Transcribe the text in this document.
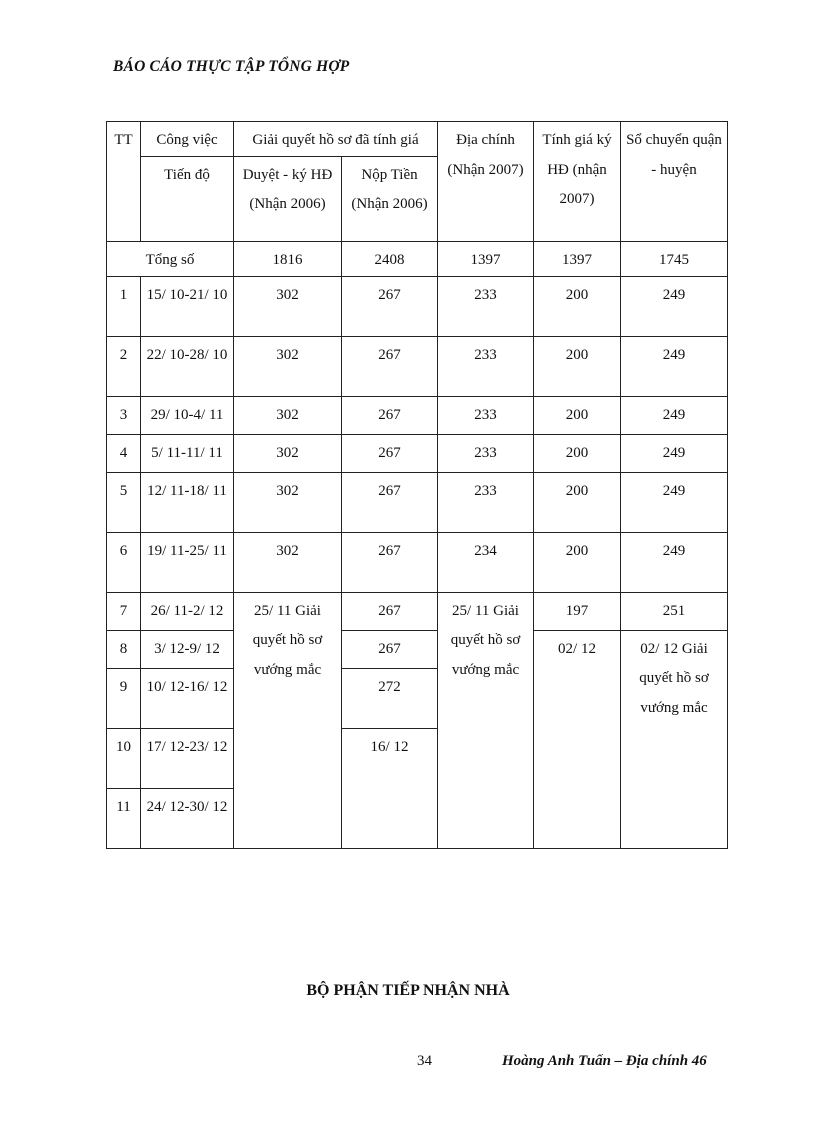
BÁO CÁO THỰC TẬP TỔNG HỢP
TT	Công việc	Giải quyết hồ sơ đã tính giá		Địa chính (Nhận 2007)	Tính giá ký HĐ (nhận 2007)	Sổ chuyển quận - huyện
	Tiến độ	Duyệt - ký HĐ (Nhận 2006)	Nộp Tiền (Nhận 2006)			
Tổng số		1816	2408	1397	1397	1745
1	15/ 10-21/ 10	302	267	233	200	249
2	22/ 10-28/ 10	302	267	233	200	249
3	29/ 10-4/ 11	302	267	233	200	249
4	5/ 11-11/ 11	302	267	233	200	249
5	12/ 11-18/ 11	302	267	233	200	249
6	19/ 11-25/ 11	302	267	234	200	249
7	26/ 11-2/ 12	25/ 11 Giải quyết hồ sơ vướng mắc	267	25/ 11 Giải quyết hồ sơ vướng mắc	197	251
8	3/ 12-9/ 12		267		02/ 12	02/ 12 Giải quyết hồ sơ vướng mắc
9	10/ 12-16/ 12		272			
10	17/ 12-23/ 12		16/ 12			
11	24/ 12-30/ 12					
BỘ PHẬN TIẾP NHẬN NHÀ
34	Hoàng Anh Tuấn – Địa chính 46
